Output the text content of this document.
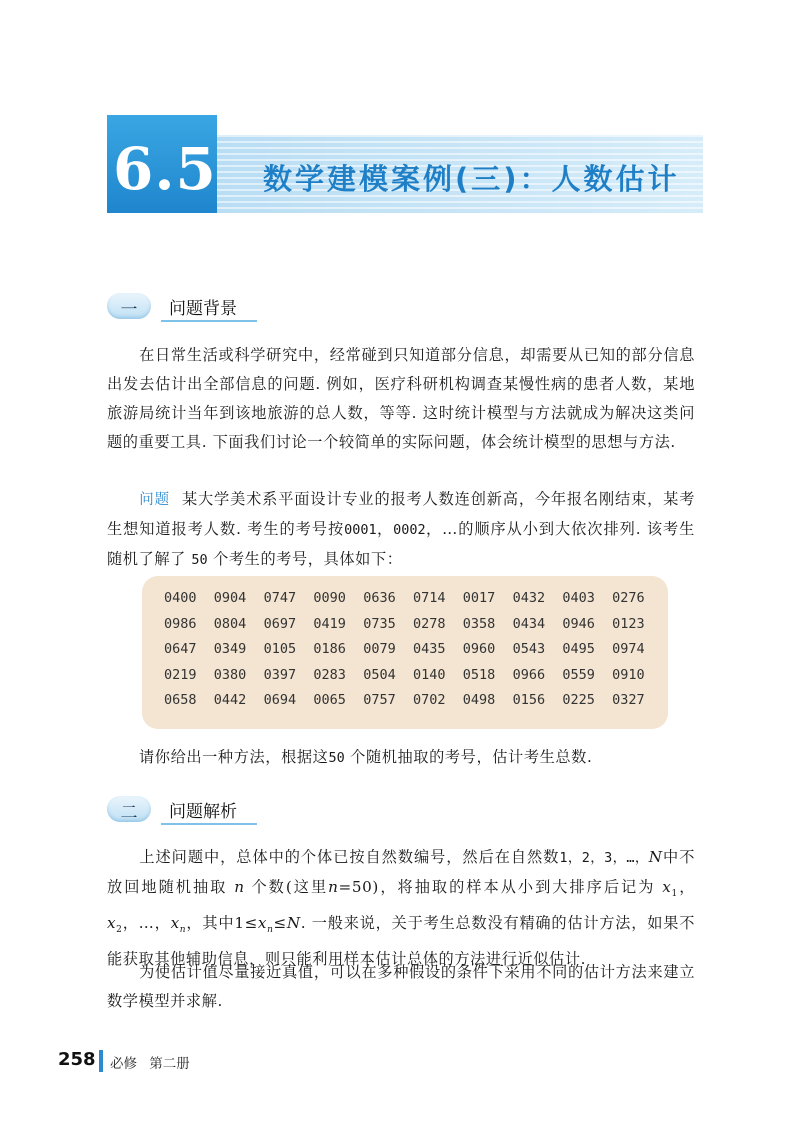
6.5 数学建模案例(三)：人数估计
一	问题背景

在日常生活或科学研究中，经常碰到只知道部分信息，却需要从已知的部分信息出发去估计出全部信息的问题. 例如，医疗科研机构调查某慢性病的患者人数，某地旅游局统计当年到该地旅游的总人数，等等. 这时统计模型与方法就成为解决这类问题的重要工具. 下面我们讨论一个较简单的实际问题，体会统计模型的思想与方法.

问题 某大学美术系平面设计专业的报考人数连创新高，今年报名刚结束，某考生想知道报考人数. 考生的考号按0001，0002，…的顺序从小到大依次排列. 该考生随机了解了 50 个考生的考号，具体如下：

0400	0904	0747	0090	0636	0714	0017	0432	0403	0276
0986	0804	0697	0419	0735	0278	0358	0434	0946	0123
0647	0349	0105	0186	0079	0435	0960	0543	0495	0974
0219	0380	0397	0283	0504	0140	0518	0966	0559	0910
0658	0442	0694	0065	0757	0702	0498	0156	0225	0327

请你给出一种方法，根据这50 个随机抽取的考号，估计考生总数.

二	问题解析

上述问题中，总体中的个体已按自然数编号，然后在自然数1，2，3，…，N中不放回地随机抽取 n 个数(这里n=50)，将抽取的样本从小到大排序后记为 $x_1$，$x_2$，…，$x_n$，其中$1\le x_n\le N$. 一般来说，关于考生总数没有精确的估计方法，如果不能获取其他辅助信息，则只能利用样本估计总体的方法进行近似估计.

为使估计值尽量接近真值，可以在多种假设的条件下采用不同的估计方法来建立数学模型并求解.

258 必修 第二册
